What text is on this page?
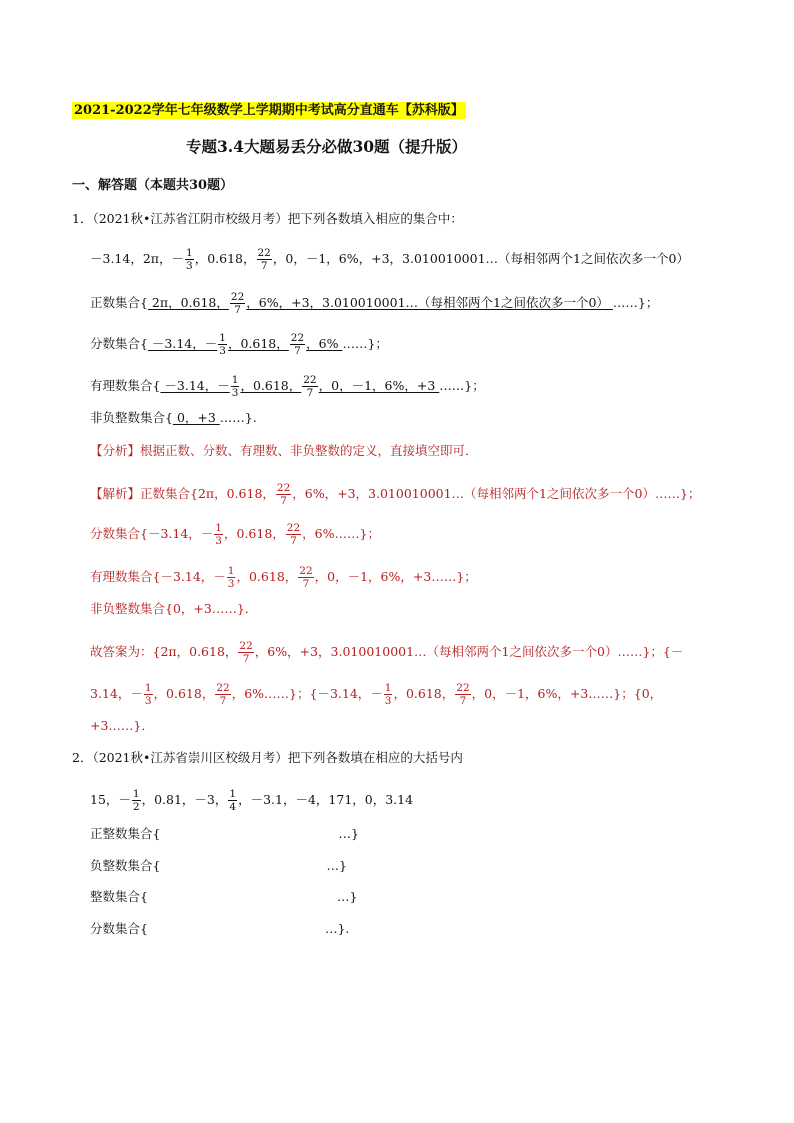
2021-2022学年七年级数学上学期期中考试高分直通车【苏科版】
专题3.4大题易丢分必做30题（提升版）
一、解答题（本题共30题）
1．（2021秋•江苏省江阴市校级月考）把下列各数填入相应的集合中：
－3.14，2π，－ $\frac{1}{3}$ ，0.618， $\frac{22}{7}$ ，0，－1，6%，+3，3.010010001…（每相邻两个1之间依次多一个0）
正数集合{ 2π，0.618， $\frac{22}{7}$ ，6%，+3，3.010010001…（每相邻两个1之间依次多一个0） ……}；
分数集合{ －3.14，－ $\frac{1}{3}$ ，0.618， $\frac{22}{7}$ ，6% ……}；
有理数集合{ －3.14，－ $\frac{1}{3}$ ，0.618， $\frac{22}{7}$ ，0，－1，6%，+3 ……}；
非负整数集合{ 0，+3 ……}.
【分析】根据正数、分数、有理数、非负整数的定义，直接填空即可．
【解析】正数集合{2π，0.618， $\frac{22}{7}$ ，6%，+3，3.010010001…（每相邻两个1之间依次多一个0）……}；
分数集合{－3.14，－ $\frac{1}{3}$ ，0.618， $\frac{22}{7}$ ，6%……}；
有理数集合{－3.14，－ $\frac{1}{3}$ ，0.618， $\frac{22}{7}$ ，0，－1，6%，+3……}；
非负整数集合{0，+3……}．
故答案为：{2π，0.618， $\frac{22}{7}$ ，6%，+3，3.010010001…（每相邻两个1之间依次多一个0）……}；{－
3.14，－ $\frac{1}{3}$ ，0.618， $\frac{22}{7}$ ，6%……}；{－3.14，－ $\frac{1}{3}$ ，0.618， $\frac{22}{7}$ ，0，－1，6%，+3……}；{0，
+3……}．
2．（2021秋•江苏省崇川区校级月考）把下列各数填在相应的大括号内
15，－ $\frac{1}{2}$ ，0.81，－3， $\frac{1}{4}$ ，－3.1，－4，171，0，3.14
正整数集合{	…}
负整数集合{	…}
整数集合{	…}
分数集合{	…}.
